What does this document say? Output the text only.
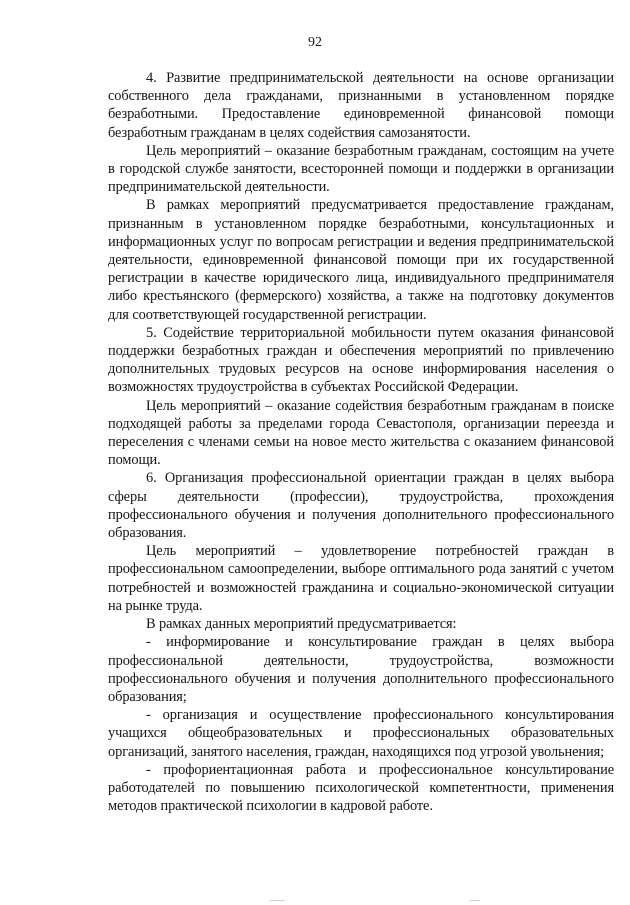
92

4. Развитие предпринимательской деятельности на основе организации собственного дела гражданами, признанными в установленном порядке безработными. Предоставление единовременной финансовой помощи безработным гражданам в целях содействия самозанятости.

Цель мероприятий – оказание безработным гражданам, состоящим на учете в городской службе занятости, всесторонней помощи и поддержки в организации предпринимательской деятельности.

В рамках мероприятий предусматривается предоставление гражданам, признанным в установленном порядке безработными, консультационных и информационных услуг по вопросам регистрации и ведения предпринимательской деятельности, единовременной финансовой помощи при их государственной регистрации в качестве юридического лица, индивидуального предпринимателя либо крестьянского (фермерского) хозяйства, а также на подготовку документов для соответствующей государственной регистрации.

5. Содействие территориальной мобильности путем оказания финансовой поддержки безработных граждан и обеспечения мероприятий по привлечению дополнительных трудовых ресурсов на основе информирования населения о возможностях трудоустройства в субъектах Российской Федерации.

Цель мероприятий – оказание содействия безработным гражданам в поиске подходящей работы за пределами города Севастополя, организации переезда и переселения с членами семьи на новое место жительства с оказанием финансовой помощи.

6. Организация профессиональной ориентации граждан в целях выбора сферы деятельности (профессии), трудоустройства, прохождения профессионального обучения и получения дополнительного профессионального образования.

Цель мероприятий – удовлетворение потребностей граждан в профессиональном самоопределении, выборе оптимального рода занятий с учетом потребностей и возможностей гражданина и социально-экономической ситуации на рынке труда.

В рамках данных мероприятий предусматривается:

- информирование и консультирование граждан в целях выбора профессиональной деятельности, трудоустройства, возможности профессионального обучения и получения дополнительного профессионального образования;

- организация и осуществление профессионального консультирования учащихся общеобразовательных и профессиональных образовательных организаций, занятого населения, граждан, находящихся под угрозой увольнения;

- профориентационная работа и профессиональное консультирование работодателей по повышению психологической компетентности, применения методов практической психологии в кадровой работе.
